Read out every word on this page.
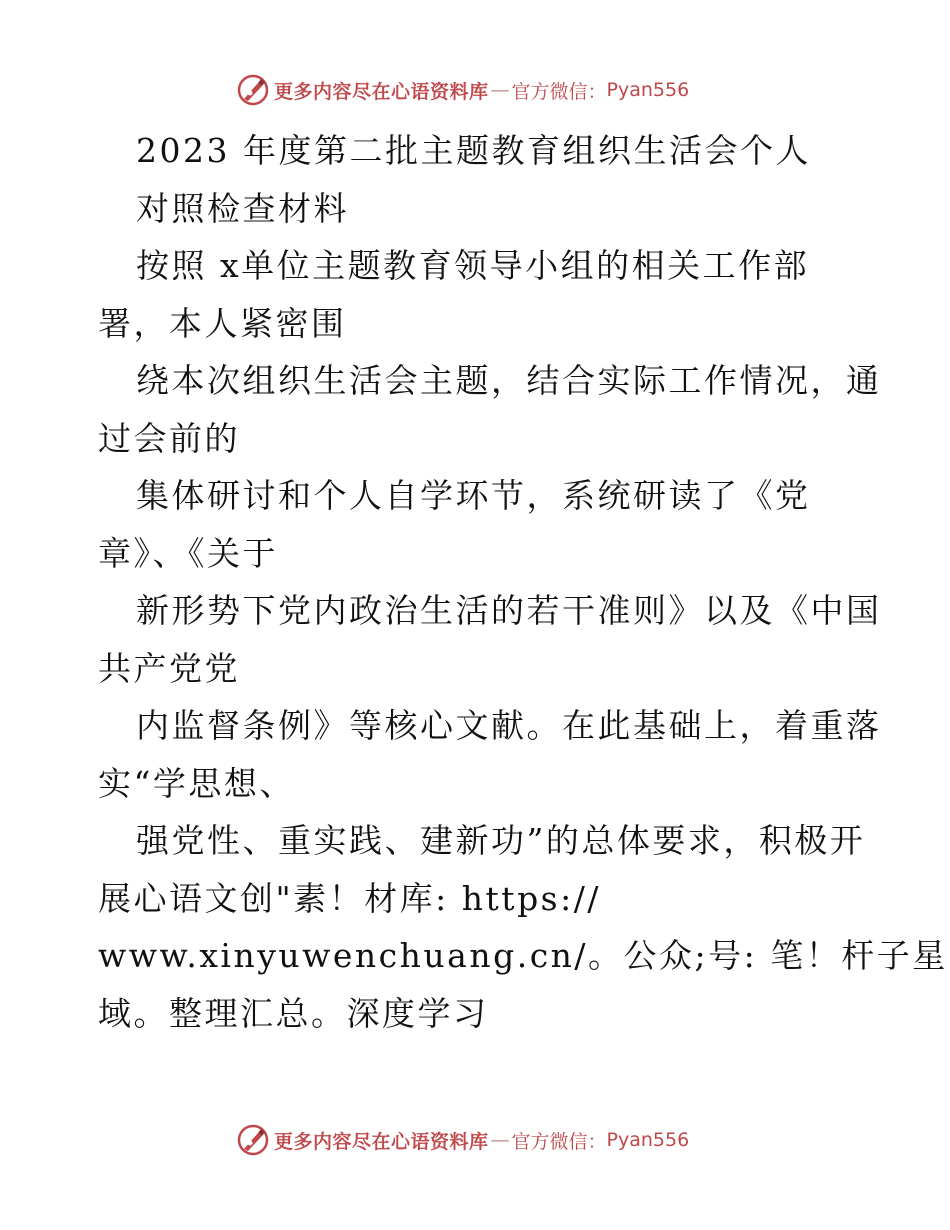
更多内容尽在心语资料库 — 官方微信： Pyan556
2023 年度第二批主题教育组织生活会个人
对照检查材料
按照 x单位主题教育领导小组的相关工作部
署，本人紧密围
绕本次组织生活会主题，结合实际工作情况，通
过会前的
集体研讨和个人自学环节，系统研读了《党
章》、《关于
新形势下党内政治生活的若干准则》以及《中国
共产党党
内监督条例》等核心文献。在此基础上，着重落
实“学思想、
强党性、重实践、建新功”的总体要求，积极开
展心语文创"素！材库: https://
www.xinyuwenchuang.cn/。公众;号: 笔！杆子星
域。整理汇总。深度学习
更多内容尽在心语资料库 — 官方微信： Pyan556
